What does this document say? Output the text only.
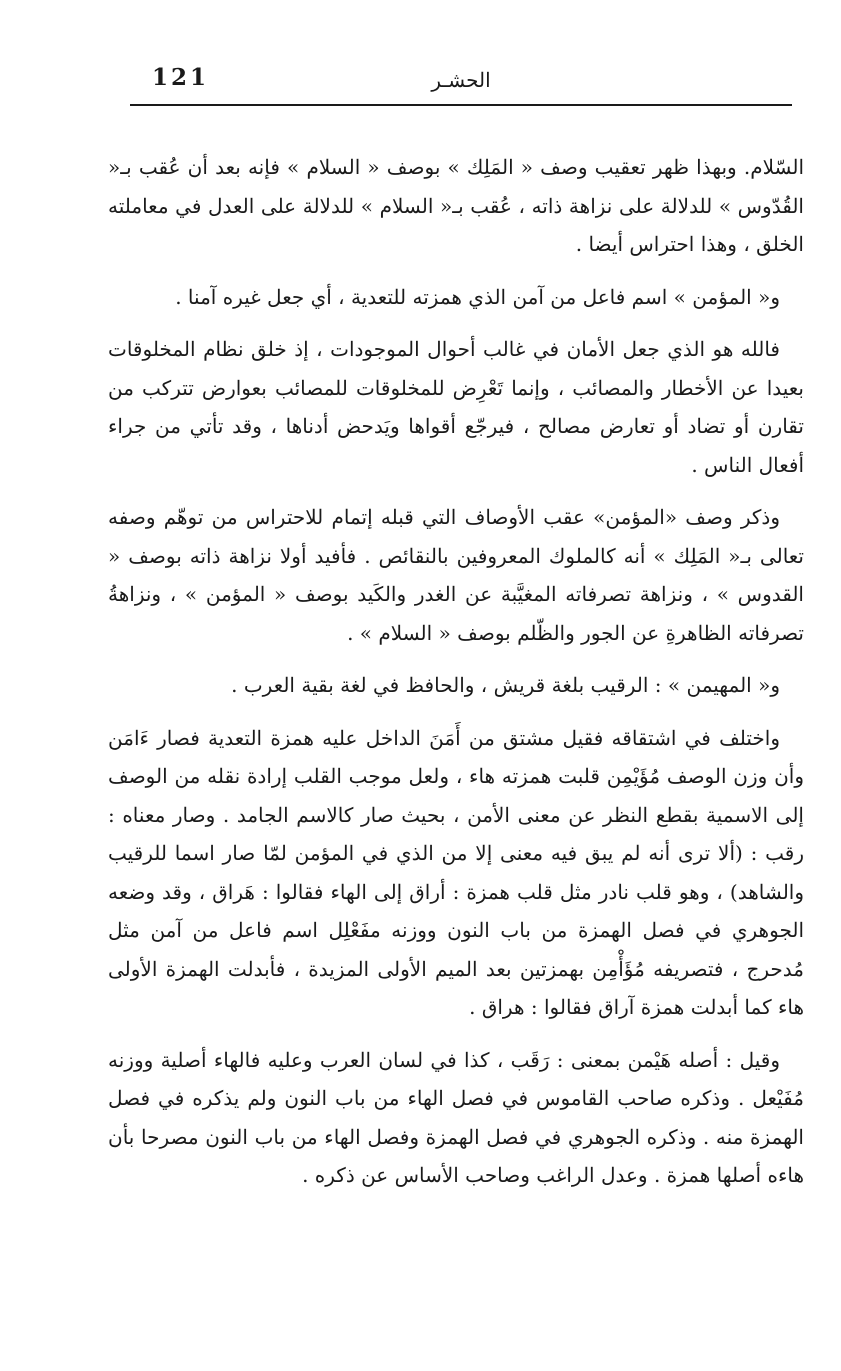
121	الحشـر

السّلام. وبهذا ظهر تعقيب وصف « المَلِك » بوصف « السلام » فإنه بعد أن عُقب بـ« القُدّوس » للدلالة على نزاهة ذاته ، عُقب بـ« السلام » للدلالة على العدل في معاملته الخلق ، وهذا احتراس أيضا .

و« المؤمن » اسم فاعل من آمن الذي همزته للتعدية ، أي جعل غيره آمنا .

فالله هو الذي جعل الأمان في غالب أحوال الموجودات ، إذ خلق نظام المخلوقات بعيدا عن الأخطار والمصائب ، وإنما تَعْرِض للمخلوقات للمصائب بعوارض تتركب من تقارن أو تضاد أو تعارض مصالح ، فيرجّع أقواها ويَدحض أدناها ، وقد تأتي من جراء أفعال الناس .

وذكر وصف «المؤمن» عقب الأوصاف التي قبله إتمام للاحتراس من توهّم وصفه تعالى بـ« المَلِك » أنه كالملوك المعروفين بالنقائص . فأفيد أولا نزاهة ذاته بوصف « القدوس » ، ونزاهة تصرفاته المغيَّبة عن الغدر والكَيد بوصف « المؤمن » ، ونزاهةُ تصرفاته الظاهرةِ عن الجور والظّلم بوصف « السلام » .

و« المهيمن » : الرقيب بلغة قريش ، والحافظ في لغة بقية العرب .

واختلف في اشتقاقه فقيل مشتق من أَمَنَ الداخل عليه همزة التعدية فصار ءَامَن وأن وزن الوصف مُؤَيْمِن قلبت همزته هاء ، ولعل موجب القلب إرادة نقله من الوصف إلى الاسمية بقطع النظر عن معنى الأمن ، بحيث صار كالاسم الجامد . وصار معناه : رقب : (ألا ترى أنه لم يبق فيه معنى إلا من الذي في المؤمن لمّا صار اسما للرقيب والشاهد) ، وهو قلب نادر مثل قلب همزة : أراق إلى الهاء فقالوا : هَراق ، وقد وضعه الجوهري في فصل الهمزة من باب النون ووزنه مفَعْلِل اسم فاعل من آمن مثل مُدحرج ، فتصريفه مُؤَأْمِن بهمزتين بعد الميم الأولى المزيدة ، فأبدلت الهمزة الأولى هاء كما أبدلت همزة آراق فقالوا : هراق .

وقيل : أصله هَيْمن بمعنى : رَقَب ، كذا في لسان العرب وعليه فالهاء أصلية ووزنه مُفَيْعل . وذكره صاحب القاموس في فصل الهاء من باب النون ولم يذكره في فصل الهمزة منه . وذكره الجوهري في فصل الهمزة وفصل الهاء من باب النون مصرحا بأن هاءه أصلها همزة . وعدل الراغب وصاحب الأساس عن ذكره .
